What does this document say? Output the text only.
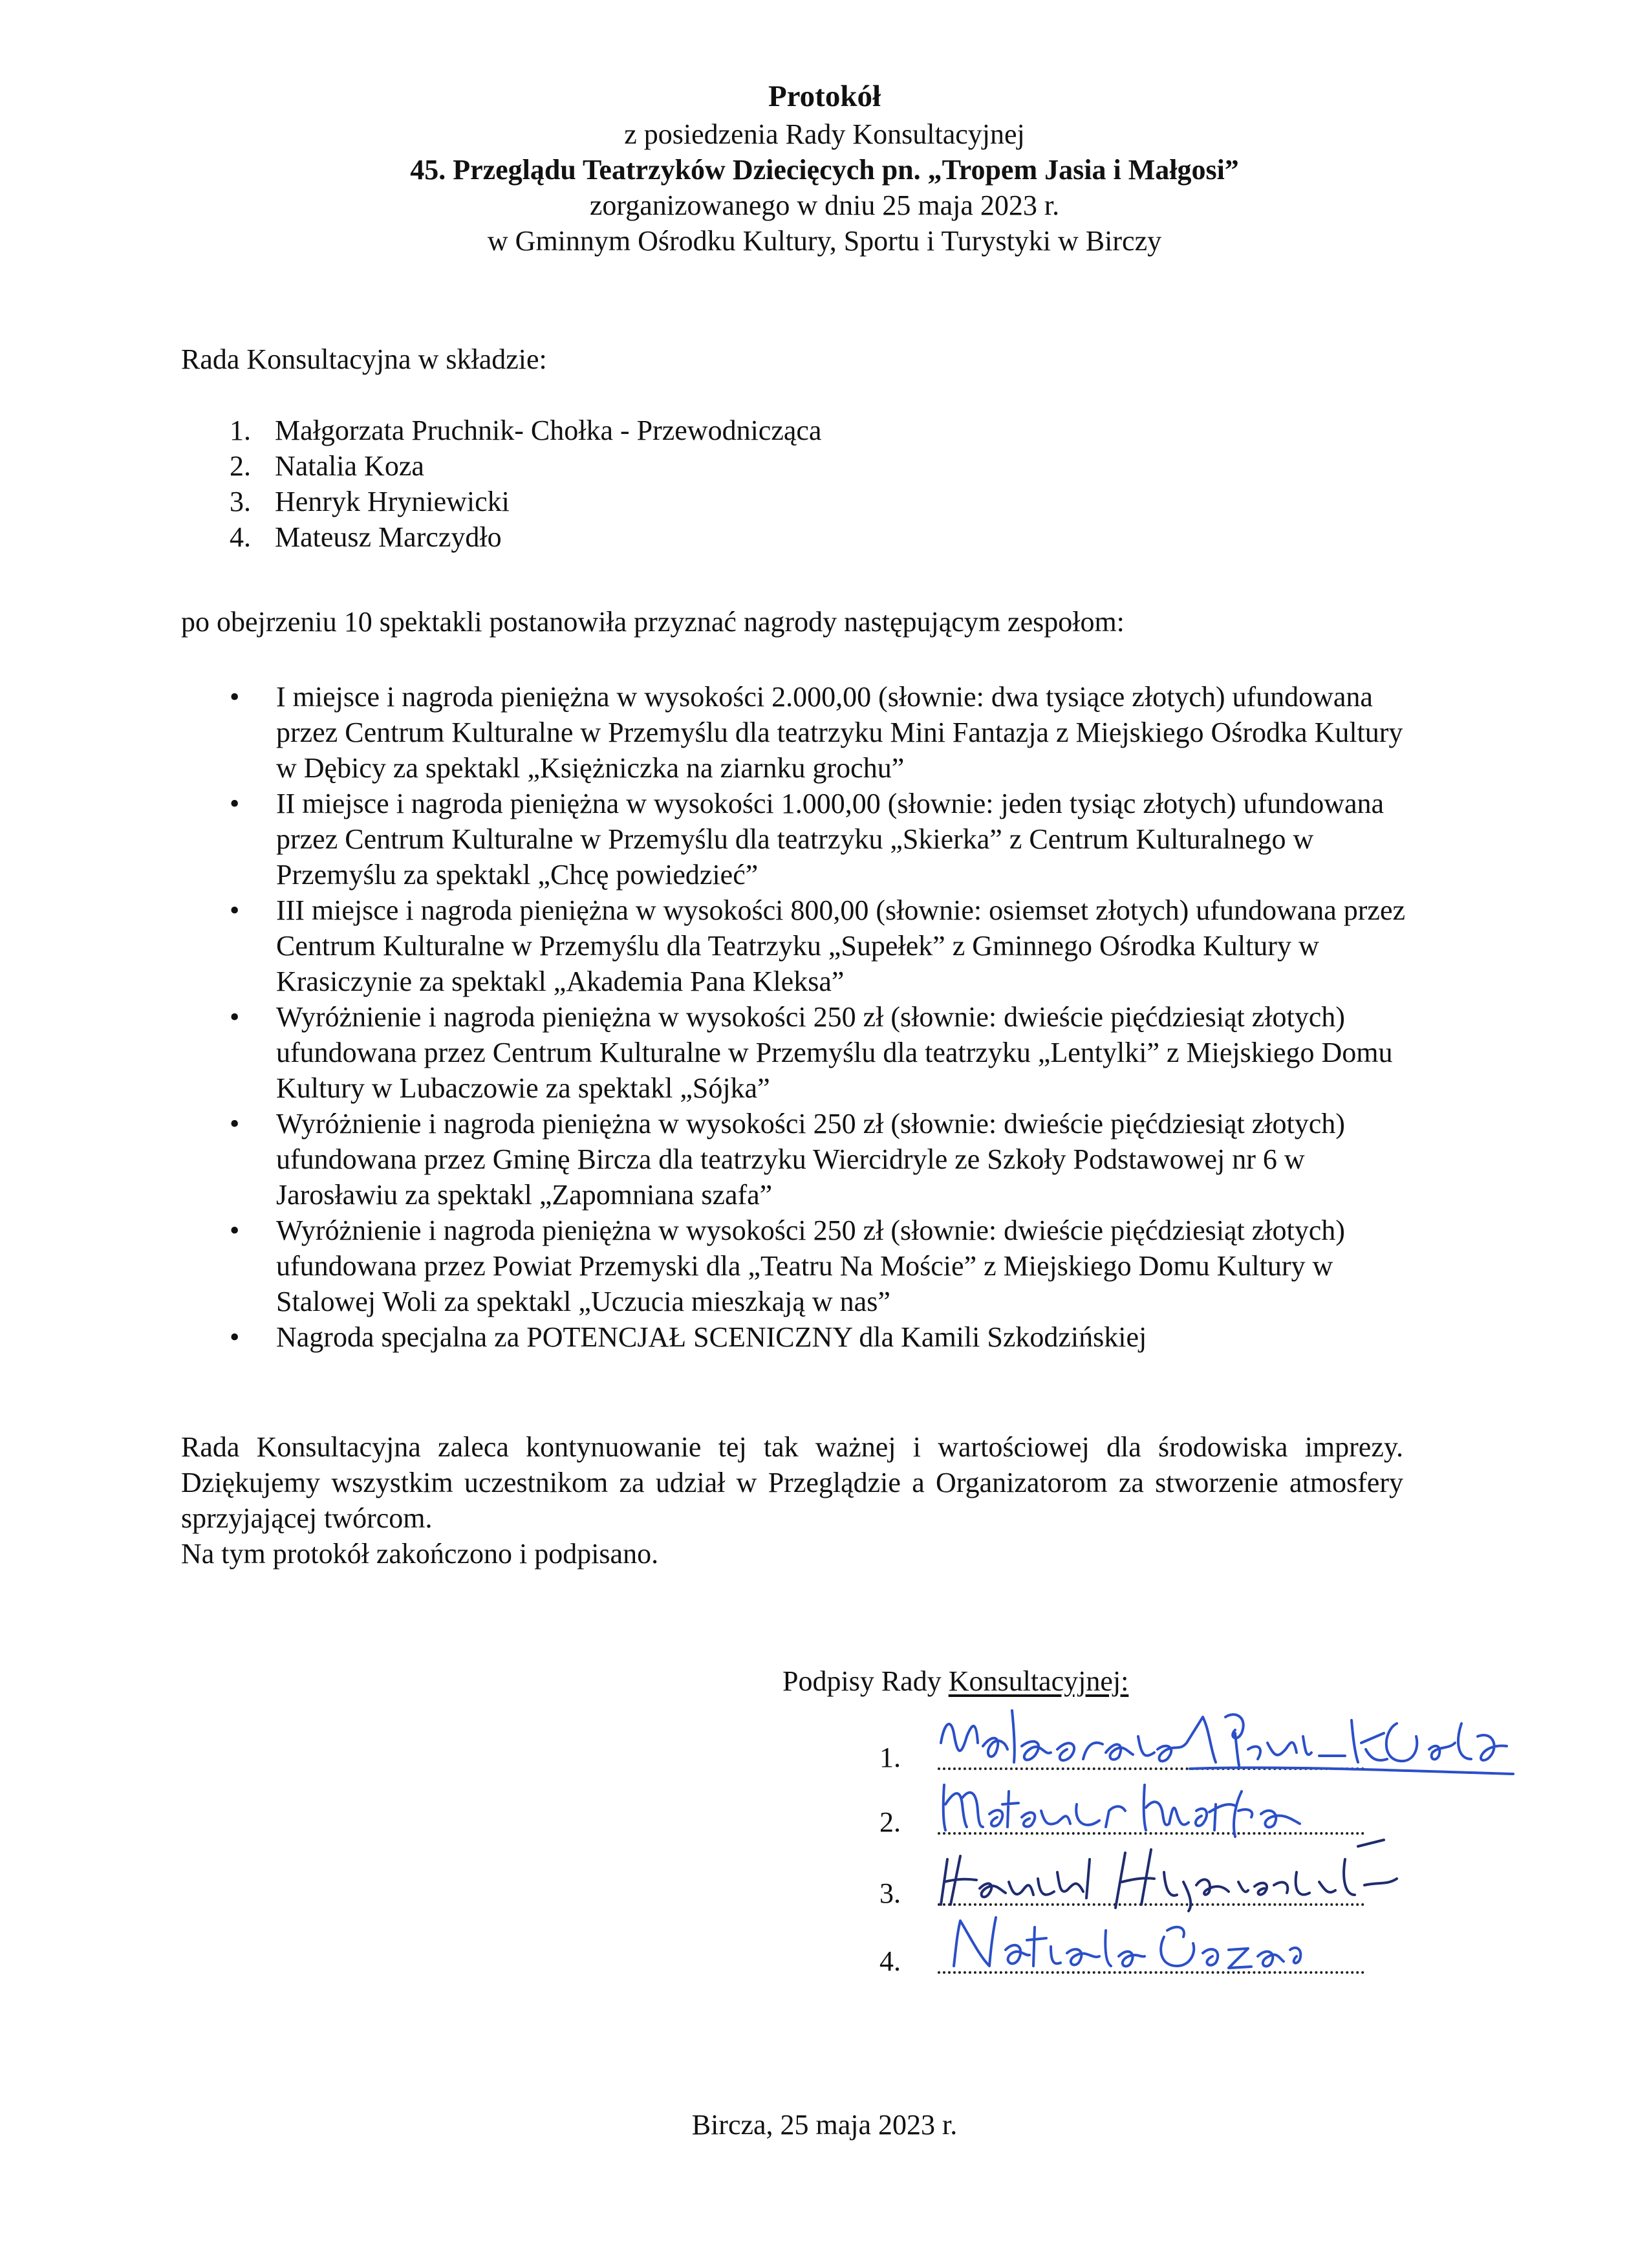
Protokół
z posiedzenia Rady Konsultacyjnej
45. Przeglądu Teatrzyków Dziecięcych pn. „Tropem Jasia i Małgosi”
zorganizowanego w dniu 25 maja 2023 r.
w Gminnym Ośrodku Kultury, Sportu i Turystyki w Birczy
Rada Konsultacyjna w składzie:
1. Małgorzata Pruchnik- Chołka - Przewodnicząca
2. Natalia Koza
3. Henryk Hryniewicki
4. Mateusz Marczydło
po obejrzeniu 10 spektakli postanowiła przyznać nagrody następującym zespołom:
• I miejsce i nagroda pieniężna w wysokości 2.000,00 (słownie: dwa tysiące złotych) ufundowana przez Centrum Kulturalne w Przemyślu dla teatrzyku Mini Fantazja z Miejskiego Ośrodka Kultury w Dębicy za spektakl „Księżniczka na ziarnku grochu”
• II miejsce i nagroda pieniężna w wysokości 1.000,00 (słownie: jeden tysiąc złotych) ufundowana przez Centrum Kulturalne w Przemyślu dla teatrzyku „Skierka” z Centrum Kulturalnego w Przemyślu za spektakl „Chcę powiedzieć”
• III miejsce i nagroda pieniężna w wysokości 800,00 (słownie: osiemset złotych) ufundowana przez Centrum Kulturalne w Przemyślu dla Teatrzyku „Supełek” z Gminnego Ośrodka Kultury w Krasiczynie za spektakl „Akademia Pana Kleksa”
• Wyróżnienie i nagroda pieniężna w wysokości 250 zł (słownie: dwieście pięćdziesiąt złotych) ufundowana przez Centrum Kulturalne w Przemyślu dla teatrzyku „Lentylki” z Miejskiego Domu Kultury w Lubaczowie za spektakl „Sójka”
• Wyróżnienie i nagroda pieniężna w wysokości 250 zł (słownie: dwieście pięćdziesiąt złotych) ufundowana przez Gminę Bircza dla teatrzyku Wiercidryle ze Szkoły Podstawowej nr 6 w Jarosławiu za spektakl „Zapomniana szafa”
• Wyróżnienie i nagroda pieniężna w wysokości 250 zł (słownie: dwieście pięćdziesiąt złotych) ufundowana przez Powiat Przemyski dla „Teatru Na Moście” z Miejskiego Domu Kultury w Stalowej Woli za spektakl „Uczucia mieszkają w nas”
• Nagroda specjalna za POTENCJAŁ SCENICZNY dla Kamili Szkodzińskiej

Rada Konsultacyjna zaleca kontynuowanie tej tak ważnej i wartościowej dla środowiska imprezy. Dziękujemy wszystkim uczestnikom za udział w Przeglądzie a Organizatorom za stworzenie atmosfery sprzyjającej twórcom.

Na tym protokół zakończono i podpisano.

Podpisy Rady Konsultacyjnej:
1.
2.
3.
4.
Bircza, 25 maja 2023 r.
